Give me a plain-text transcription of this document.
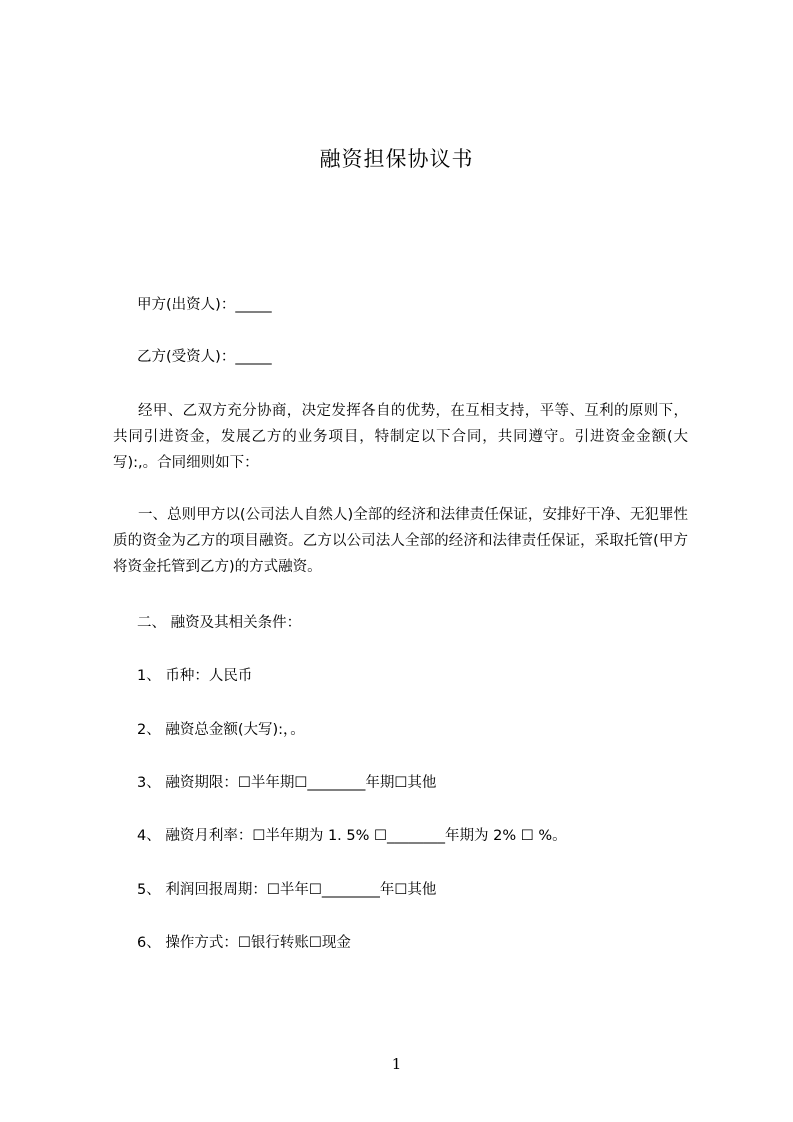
融资担保协议书
甲方(出资人)：_____
乙方(受资人)：_____
经甲、乙双方充分协商，决定发挥各自的优势，在互相支持，平等、互利的原则下，共同引进资金，发展乙方的业务项目，特制定以下合同，共同遵守。引进资金金额(大写):,。合同细则如下：
一、总则甲方以(公司法人自然人)全部的经济和法律责任保证，安排好干净、无犯罪性质的资金为乙方的项目融资。乙方以公司法人全部的经济和法律责任保证，采取托管(甲方将资金托管到乙方)的方式融资。
二、 融资及其相关条件：
1、 币种：人民币
2、 融资总金额(大写):，。
3、 融资期限：☐半年期☐________年期☐其他
4、 融资月利率：☐半年期为 1. 5% ☐________年期为 2% ☐ %。
5、 利润回报周期：☐半年☐________年☐其他
6、 操作方式：☐银行转账☐现金
1
